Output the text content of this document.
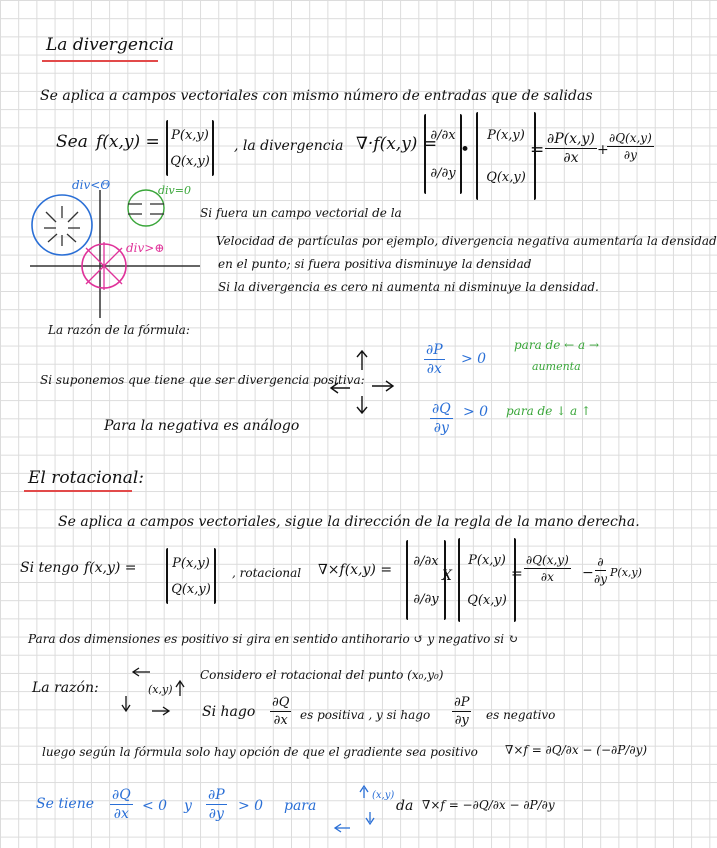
La divergencia
Se aplica a campos vectoriales con mismo número de entradas que de salidas
Sea f(x,y) = P(x,y)
Q(x,y)
, la divergencia ∇·f(x,y) =
∂/∂x
∂/∂y
•
P(x,y)
Q(x,y)
= $\frac{\partial P(x,y)}{\partial x}$ +
$\frac{\partial Q(x,y)}{\partial y}$
div<Θ	div=0
div>⊕
Si fuera un campo vectorial de la
Velocidad de partículas por ejemplo, divergencia negativa aumentaría la densidad
en el punto; si fuera positiva disminuye la densidad
Si la divergencia es cero ni aumenta ni disminuye la densidad.
La razón de la fórmula:
Si suponemos que tiene que ser divergencia positiva:
$\frac{\partial P}{\partial x} > 0$
para de ← a →
aumenta
$\frac{\partial Q}{\partial y} > 0$ para de ↓ a ↑
Para la negativa es análogo
El rotacional:
Se aplica a campos vectoriales, sigue la dirección de la regla de la mano derecha.
Si tengo f(x,y) =	P(x,y)
Q(x,y)
, rotacional ∇×f(x,y) =
∂/∂x
∂/∂y
X
P(x,y)
Q(x,y)
= $\frac{\partial Q(x,y)}{\partial x}$ −
∂
∂y P(x,y)
Para dos dimensiones es positivo si gira en sentido antihorario ↺ y negativo si ↻
La razón:	(x,y)
Considero el rotacional del punto (x₀,y₀)
Si hago $\frac{\partial Q}{\partial x}$ es positiva , y si hago $\frac{\partial P}{\partial y}$ es negativo
luego según la fórmula solo hay opción de que el gradiente sea positivo ∇×f = ∂Q/∂x − (−∂P/∂y)
Se tiene $\frac{\partial Q}{\partial x} < 0$ y $\frac{\partial P}{\partial y} > 0$ para
(x,y)
da ∇×f = −∂Q/∂x − ∂P/∂y
